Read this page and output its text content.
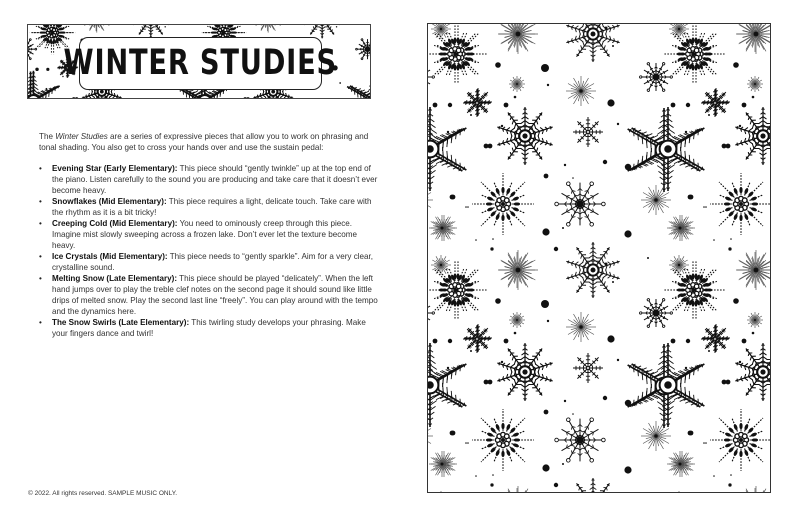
WINTER STUDIES

The Winter Studies are a series of expressive pieces that allow you to work on phrasing and tonal shading. You also get to cross your hands over and use the sustain pedal:

• Evening Star (Early Elementary): This piece should “gently twinkle” up at the top end of the piano. Listen carefully to the sound you are producing and take care that it doesn’t ever become heavy.
• Snowflakes (Mid Elementary): This piece requires a light, delicate touch. Take care with the rhythm as it is a bit tricky!
• Creeping Cold (Mid Elementary): You need to ominously creep through this piece. Imagine mist slowly sweeping across a frozen lake. Don’t ever let the texture become heavy.
• Ice Crystals (Mid Elementary): This piece needs to “gently sparkle”. Aim for a very clear, crystalline sound.
• Melting Snow (Late Elementary): This piece should be played “delicately”. When the left hand jumps over to play the treble clef notes on the second page it should sound like little drips of melted snow. Play the second last line “freely”. You can play around with the tempo and the dynamics here.
• The Snow Swirls (Late Elementary): This twirling study develops your phrasing. Make your fingers dance and twirl!
© 2022. All rights reserved. SAMPLE MUSIC ONLY.
